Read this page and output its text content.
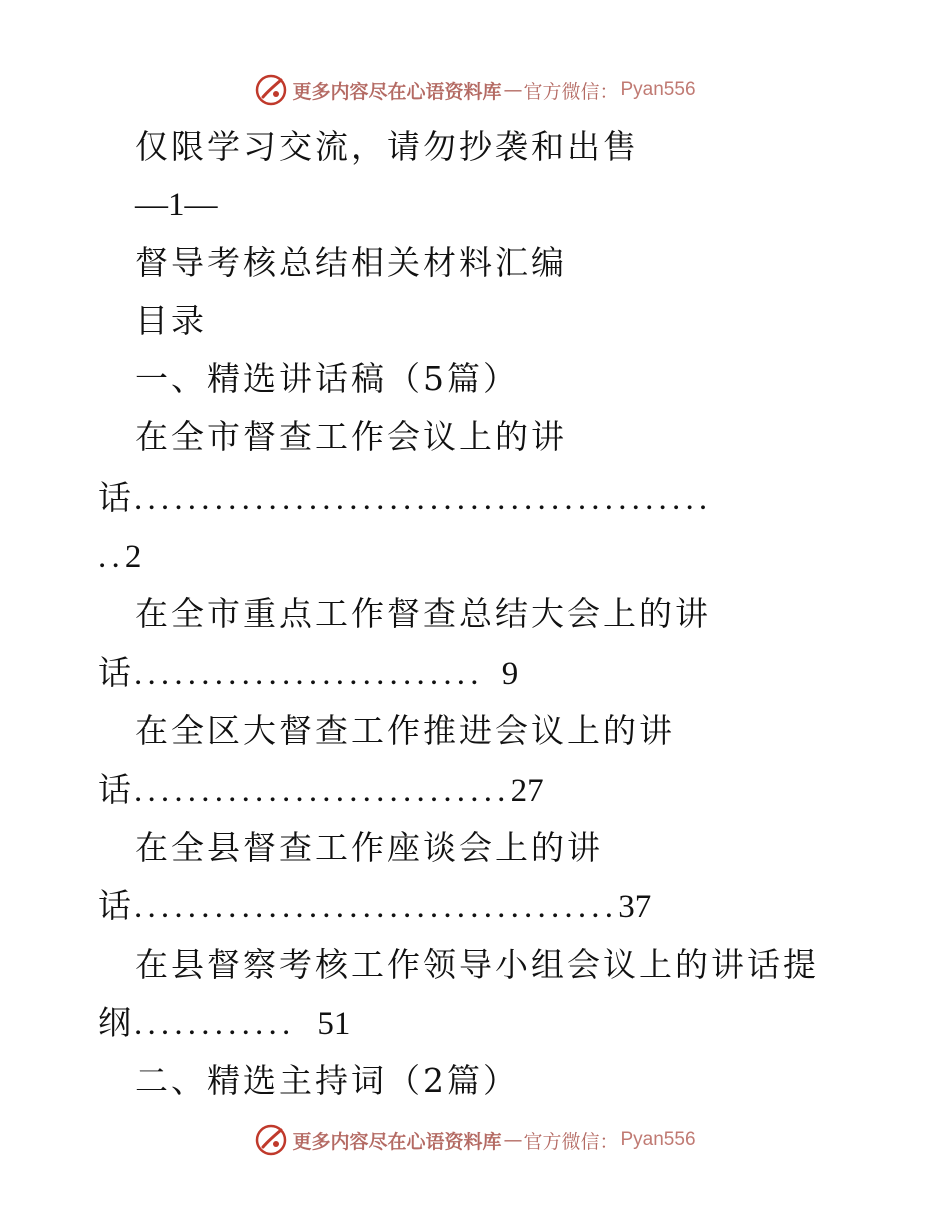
更多内容尽在心语资料库 — 官方微信： Pyan556
仅限学习交流，请勿抄袭和出售
—1—
督导考核总结相关材料汇编
目录
一、精选讲话稿（5篇）
在全市督查工作会议上的讲
话...........................................
..2
在全市重点工作督查总结大会上的讲
话.......................... 9
在全区大督查工作推进会议上的讲
话............................27
在全县督查工作座谈会上的讲
话....................................37
在县督察考核工作领导小组会议上的讲话提
纲............ 51
二、精选主持词（2篇）
更多内容尽在心语资料库 — 官方微信： Pyan556
